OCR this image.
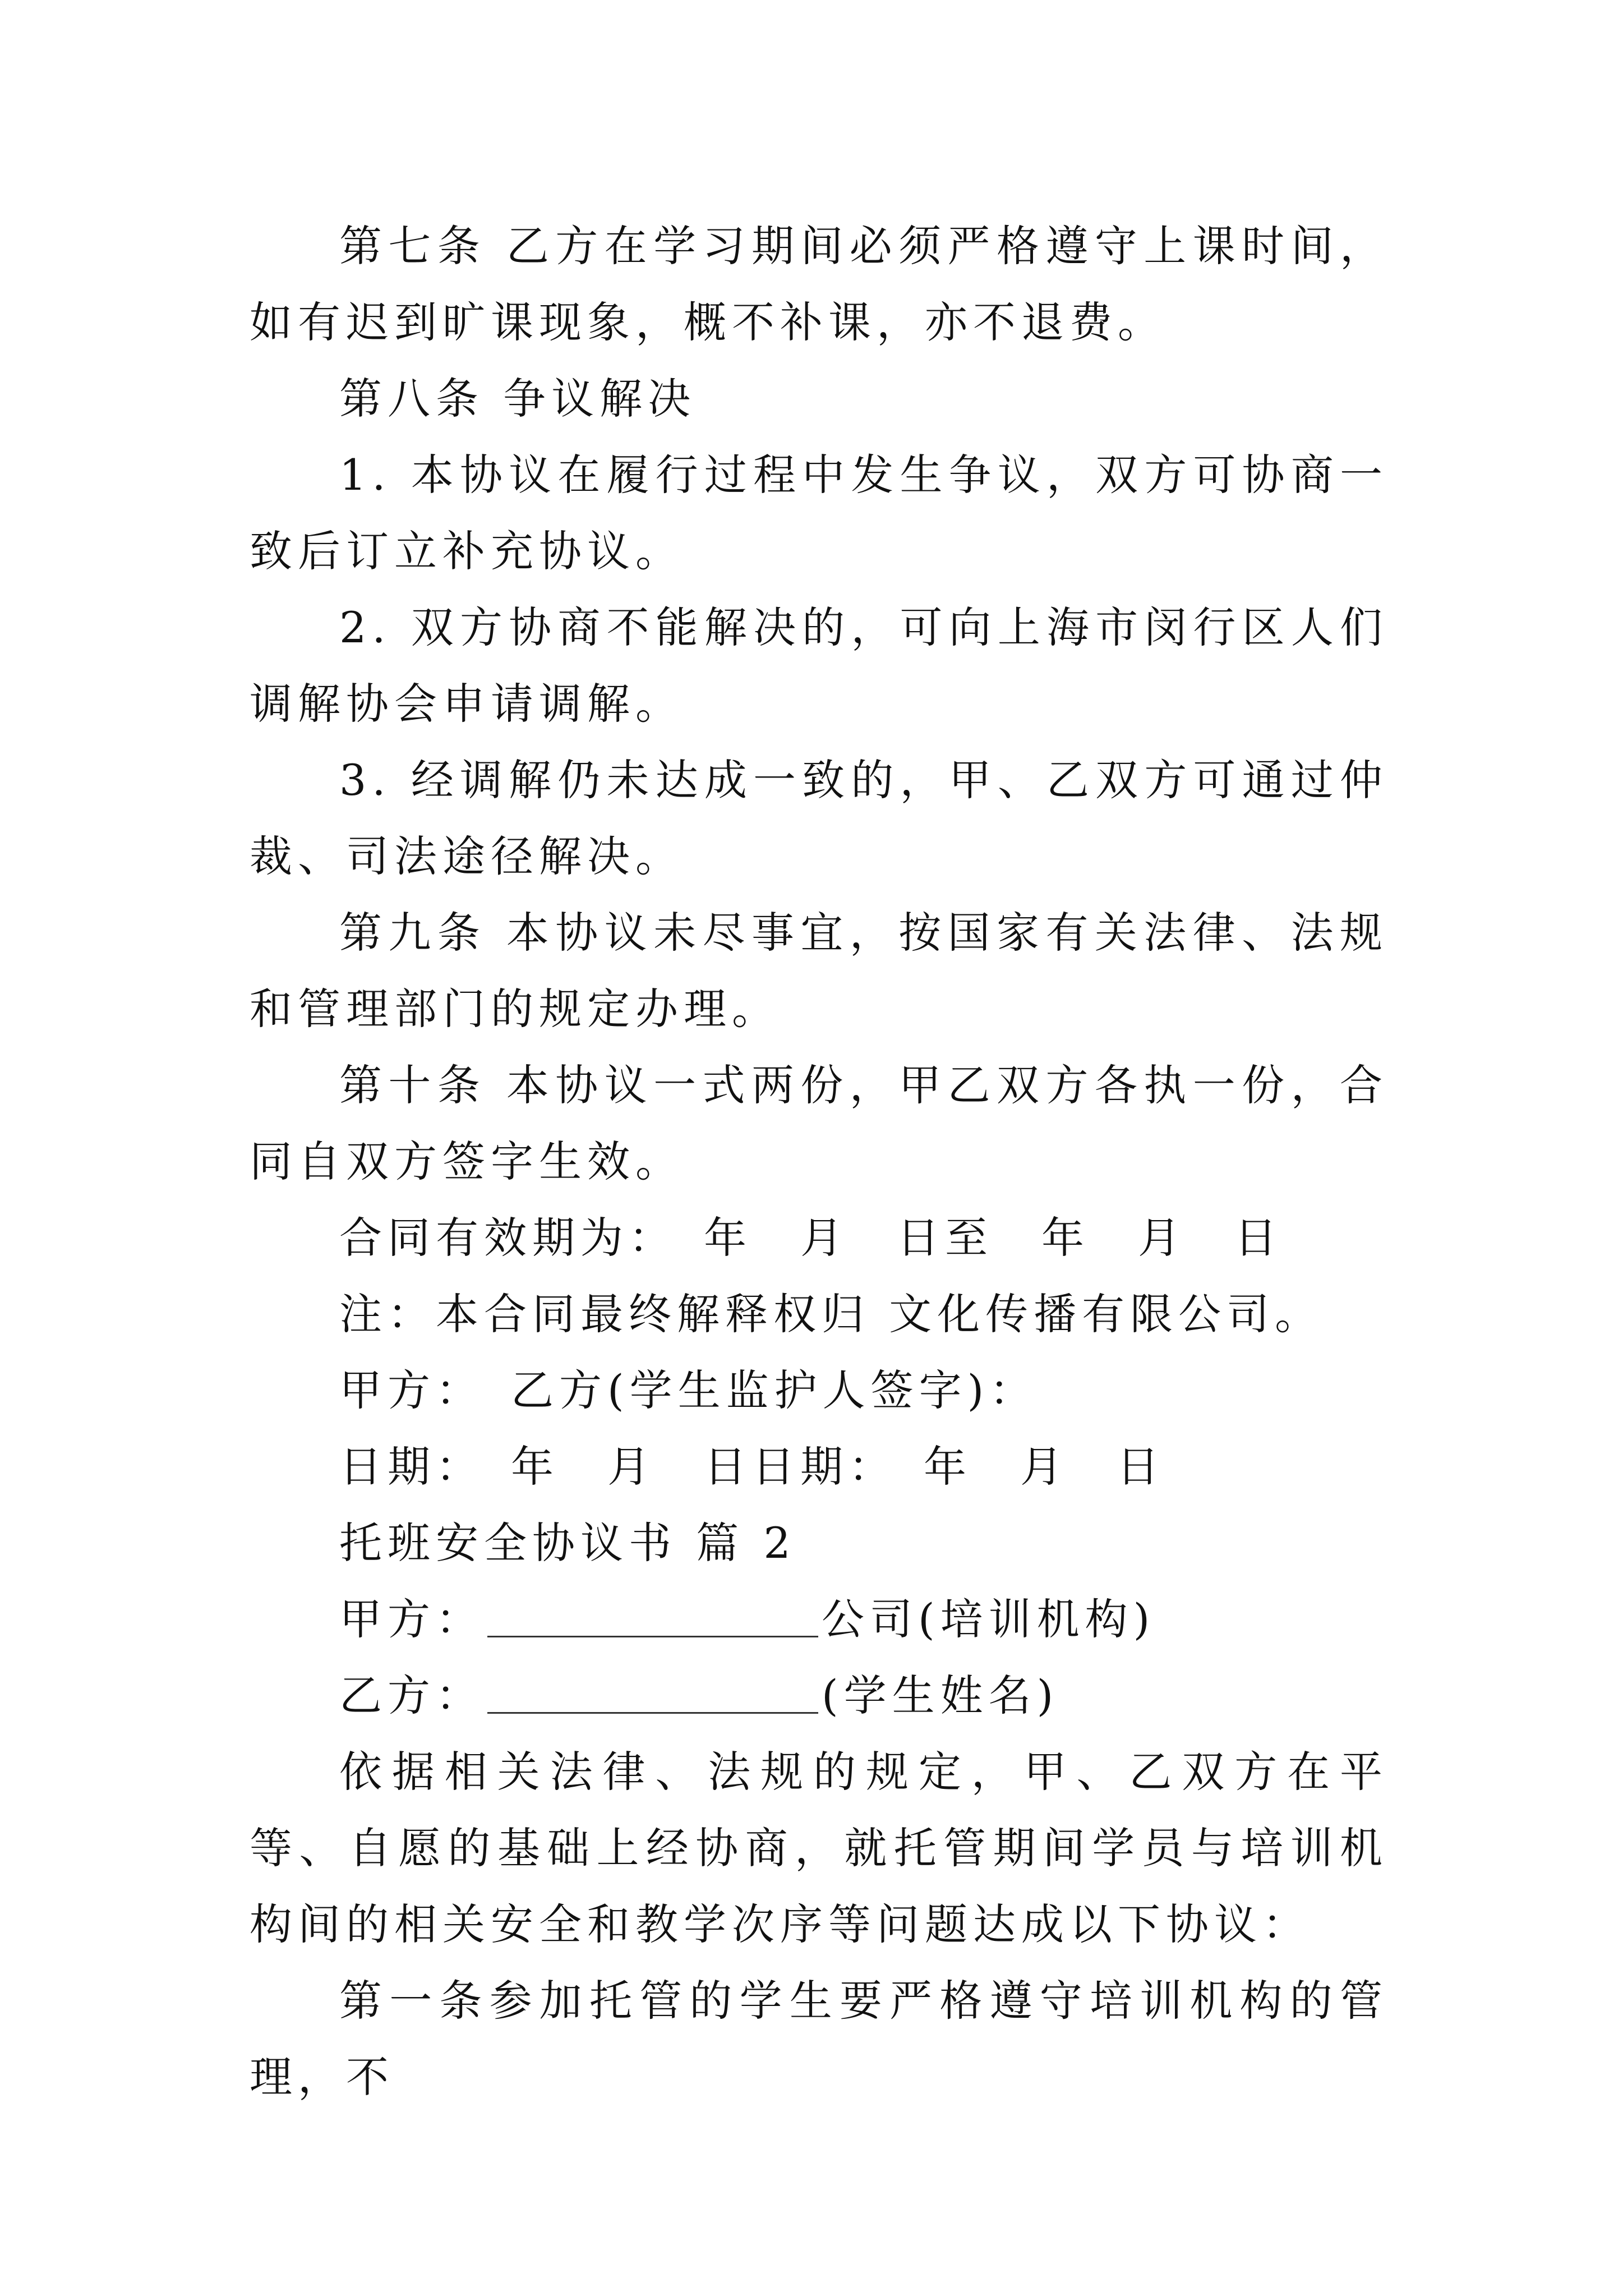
第七条 乙方在学习期间必须严格遵守上课时间，如有迟到旷课现象，概不补课，亦不退费。

第八条 争议解决

1. 本协议在履行过程中发生争议，双方可协商一致后订立补充协议。

2. 双方协商不能解决的，可向上海市闵行区人们调解协会申请调解。

3. 经调解仍未达成一致的，甲、乙双方可通过仲裁、司法途径解决。

第九条 本协议未尽事宜，按国家有关法律、法规和管理部门的规定办理。

第十条 本协议一式两份，甲乙双方各执一份，合同自双方签字生效。

合同有效期为：　年　月　日至　年　月　日

注：本合同最终解释权归 文化传播有限公司。

甲方：　乙方(学生监护人签字)：

日期：　年　月　日日期：　年　月　日

托班安全协议书 篇 2

甲方：	公司(培训机构)

乙方：	(学生姓名)

依据相关法律、法规的规定，甲、乙双方在平等、自愿的基础上经协商，就托管期间学员与培训机构间的相关安全和教学次序等问题达成以下协议：

第一条参加托管的学生要严格遵守培训机构的管理，不
